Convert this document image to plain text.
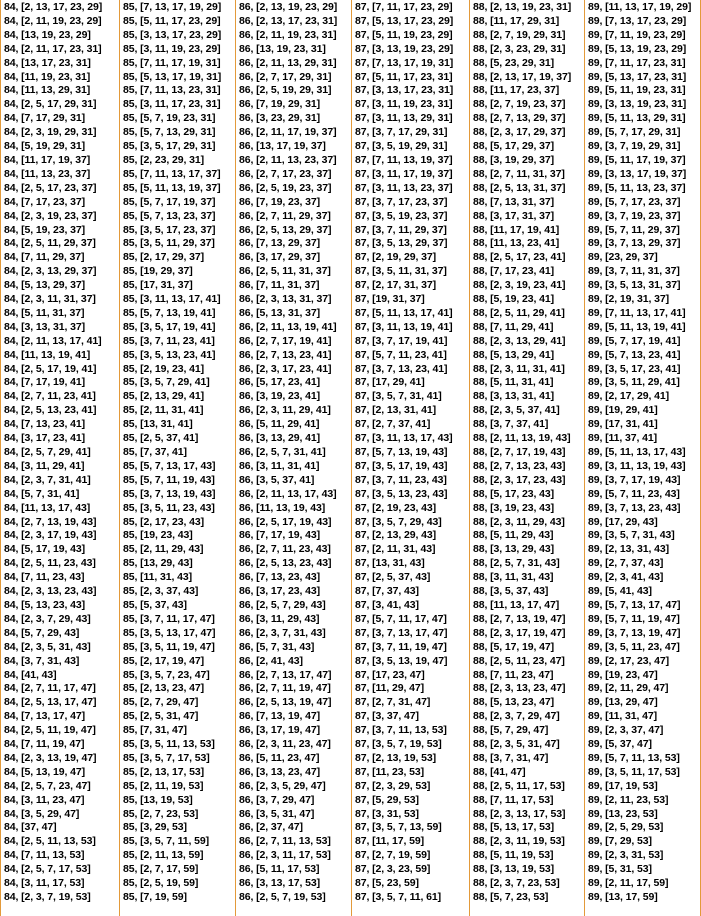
84, [2, 13, 17, 23, 29]
84, [2, 11, 19, 23, 29]
84, [13, 19, 23, 29]
84, [2, 11, 17, 23, 31]
84, [13, 17, 23, 31]
84, [11, 19, 23, 31]
84, [11, 13, 29, 31]
84, [2, 5, 17, 29, 31]
84, [7, 17, 29, 31]
84, [2, 3, 19, 29, 31]
84, [5, 19, 29, 31]
84, [11, 17, 19, 37]
84, [11, 13, 23, 37]
84, [2, 5, 17, 23, 37]
84, [7, 17, 23, 37]
84, [2, 3, 19, 23, 37]
84, [5, 19, 23, 37]
84, [2, 5, 11, 29, 37]
84, [7, 11, 29, 37]
84, [2, 3, 13, 29, 37]
84, [5, 13, 29, 37]
84, [2, 3, 11, 31, 37]
84, [5, 11, 31, 37]
84, [3, 13, 31, 37]
84, [2, 11, 13, 17, 41]
84, [11, 13, 19, 41]
84, [2, 5, 17, 19, 41]
84, [7, 17, 19, 41]
84, [2, 7, 11, 23, 41]
84, [2, 5, 13, 23, 41]
84, [7, 13, 23, 41]
84, [3, 17, 23, 41]
84, [2, 5, 7, 29, 41]
84, [3, 11, 29, 41]
84, [2, 3, 7, 31, 41]
84, [5, 7, 31, 41]
84, [11, 13, 17, 43]
84, [2, 7, 13, 19, 43]
84, [2, 3, 17, 19, 43]
84, [5, 17, 19, 43]
84, [2, 5, 11, 23, 43]
84, [7, 11, 23, 43]
84, [2, 3, 13, 23, 43]
84, [5, 13, 23, 43]
84, [2, 3, 7, 29, 43]
84, [5, 7, 29, 43]
84, [2, 3, 5, 31, 43]
84, [3, 7, 31, 43]
84, [41, 43]
84, [2, 7, 11, 17, 47]
84, [2, 5, 13, 17, 47]
84, [7, 13, 17, 47]
84, [2, 5, 11, 19, 47]
84, [7, 11, 19, 47]
84, [2, 3, 13, 19, 47]
84, [5, 13, 19, 47]
84, [2, 5, 7, 23, 47]
84, [3, 11, 23, 47]
84, [3, 5, 29, 47]
84, [37, 47]
84, [2, 5, 11, 13, 53]
84, [7, 11, 13, 53]
84, [2, 5, 7, 17, 53]
84, [3, 11, 17, 53]
84, [2, 3, 7, 19, 53]
85, [7, 13, 17, 19, 29]
85, [5, 11, 17, 23, 29]
85, [3, 13, 17, 23, 29]
85, [3, 11, 19, 23, 29]
85, [7, 11, 17, 19, 31]
85, [5, 13, 17, 19, 31]
85, [7, 11, 13, 23, 31]
85, [3, 11, 17, 23, 31]
85, [5, 7, 19, 23, 31]
85, [5, 7, 13, 29, 31]
85, [3, 5, 17, 29, 31]
85, [2, 23, 29, 31]
85, [7, 11, 13, 17, 37]
85, [5, 11, 13, 19, 37]
85, [5, 7, 17, 19, 37]
85, [5, 7, 13, 23, 37]
85, [3, 5, 17, 23, 37]
85, [3, 5, 11, 29, 37]
85, [2, 17, 29, 37]
85, [19, 29, 37]
85, [17, 31, 37]
85, [3, 11, 13, 17, 41]
85, [5, 7, 13, 19, 41]
85, [3, 5, 17, 19, 41]
85, [3, 7, 11, 23, 41]
85, [3, 5, 13, 23, 41]
85, [2, 19, 23, 41]
85, [3, 5, 7, 29, 41]
85, [2, 13, 29, 41]
85, [2, 11, 31, 41]
85, [13, 31, 41]
85, [2, 5, 37, 41]
85, [7, 37, 41]
85, [5, 7, 13, 17, 43]
85, [5, 7, 11, 19, 43]
85, [3, 7, 13, 19, 43]
85, [3, 5, 11, 23, 43]
85, [2, 17, 23, 43]
85, [19, 23, 43]
85, [2, 11, 29, 43]
85, [13, 29, 43]
85, [11, 31, 43]
85, [2, 3, 37, 43]
85, [5, 37, 43]
85, [3, 7, 11, 17, 47]
85, [3, 5, 13, 17, 47]
85, [3, 5, 11, 19, 47]
85, [2, 17, 19, 47]
85, [3, 5, 7, 23, 47]
85, [2, 13, 23, 47]
85, [2, 7, 29, 47]
85, [2, 5, 31, 47]
85, [7, 31, 47]
85, [3, 5, 11, 13, 53]
85, [3, 5, 7, 17, 53]
85, [2, 13, 17, 53]
85, [2, 11, 19, 53]
85, [13, 19, 53]
85, [2, 7, 23, 53]
85, [3, 29, 53]
85, [3, 5, 7, 11, 59]
85, [2, 11, 13, 59]
85, [2, 7, 17, 59]
85, [2, 5, 19, 59]
85, [7, 19, 59]
86, [2, 13, 19, 23, 29]
86, [2, 13, 17, 23, 31]
86, [2, 11, 19, 23, 31]
86, [13, 19, 23, 31]
86, [2, 11, 13, 29, 31]
86, [2, 7, 17, 29, 31]
86, [2, 5, 19, 29, 31]
86, [7, 19, 29, 31]
86, [3, 23, 29, 31]
86, [2, 11, 17, 19, 37]
86, [13, 17, 19, 37]
86, [2, 11, 13, 23, 37]
86, [2, 7, 17, 23, 37]
86, [2, 5, 19, 23, 37]
86, [7, 19, 23, 37]
86, [2, 7, 11, 29, 37]
86, [2, 5, 13, 29, 37]
86, [7, 13, 29, 37]
86, [3, 17, 29, 37]
86, [2, 5, 11, 31, 37]
86, [7, 11, 31, 37]
86, [2, 3, 13, 31, 37]
86, [5, 13, 31, 37]
86, [2, 11, 13, 19, 41]
86, [2, 7, 17, 19, 41]
86, [2, 7, 13, 23, 41]
86, [2, 3, 17, 23, 41]
86, [5, 17, 23, 41]
86, [3, 19, 23, 41]
86, [2, 3, 11, 29, 41]
86, [5, 11, 29, 41]
86, [3, 13, 29, 41]
86, [2, 5, 7, 31, 41]
86, [3, 11, 31, 41]
86, [3, 5, 37, 41]
86, [2, 11, 13, 17, 43]
86, [11, 13, 19, 43]
86, [2, 5, 17, 19, 43]
86, [7, 17, 19, 43]
86, [2, 7, 11, 23, 43]
86, [2, 5, 13, 23, 43]
86, [7, 13, 23, 43]
86, [3, 17, 23, 43]
86, [2, 5, 7, 29, 43]
86, [3, 11, 29, 43]
86, [2, 3, 7, 31, 43]
86, [5, 7, 31, 43]
86, [2, 41, 43]
86, [2, 7, 13, 17, 47]
86, [2, 7, 11, 19, 47]
86, [2, 5, 13, 19, 47]
86, [7, 13, 19, 47]
86, [3, 17, 19, 47]
86, [2, 3, 11, 23, 47]
86, [5, 11, 23, 47]
86, [3, 13, 23, 47]
86, [2, 3, 5, 29, 47]
86, [3, 7, 29, 47]
86, [3, 5, 31, 47]
86, [2, 37, 47]
86, [2, 7, 11, 13, 53]
86, [2, 3, 11, 17, 53]
86, [5, 11, 17, 53]
86, [3, 13, 17, 53]
86, [2, 5, 7, 19, 53]
87, [7, 11, 17, 23, 29]
87, [5, 13, 17, 23, 29]
87, [5, 11, 19, 23, 29]
87, [3, 13, 19, 23, 29]
87, [7, 13, 17, 19, 31]
87, [5, 11, 17, 23, 31]
87, [3, 13, 17, 23, 31]
87, [3, 11, 19, 23, 31]
87, [3, 11, 13, 29, 31]
87, [3, 7, 17, 29, 31]
87, [3, 5, 19, 29, 31]
87, [7, 11, 13, 19, 37]
87, [3, 11, 17, 19, 37]
87, [3, 11, 13, 23, 37]
87, [3, 7, 17, 23, 37]
87, [3, 5, 19, 23, 37]
87, [3, 7, 11, 29, 37]
87, [3, 5, 13, 29, 37]
87, [2, 19, 29, 37]
87, [3, 5, 11, 31, 37]
87, [2, 17, 31, 37]
87, [19, 31, 37]
87, [5, 11, 13, 17, 41]
87, [3, 11, 13, 19, 41]
87, [3, 7, 17, 19, 41]
87, [5, 7, 11, 23, 41]
87, [3, 7, 13, 23, 41]
87, [17, 29, 41]
87, [3, 5, 7, 31, 41]
87, [2, 13, 31, 41]
87, [2, 7, 37, 41]
87, [3, 11, 13, 17, 43]
87, [5, 7, 13, 19, 43]
87, [3, 5, 17, 19, 43]
87, [3, 7, 11, 23, 43]
87, [3, 5, 13, 23, 43]
87, [2, 19, 23, 43]
87, [3, 5, 7, 29, 43]
87, [2, 13, 29, 43]
87, [2, 11, 31, 43]
87, [13, 31, 43]
87, [2, 5, 37, 43]
87, [7, 37, 43]
87, [3, 41, 43]
87, [5, 7, 11, 17, 47]
87, [3, 7, 13, 17, 47]
87, [3, 7, 11, 19, 47]
87, [3, 5, 13, 19, 47]
87, [17, 23, 47]
87, [11, 29, 47]
87, [2, 7, 31, 47]
87, [3, 37, 47]
87, [3, 7, 11, 13, 53]
87, [3, 5, 7, 19, 53]
87, [2, 13, 19, 53]
87, [11, 23, 53]
87, [2, 3, 29, 53]
87, [5, 29, 53]
87, [3, 31, 53]
87, [3, 5, 7, 13, 59]
87, [11, 17, 59]
87, [2, 7, 19, 59]
87, [2, 3, 23, 59]
87, [5, 23, 59]
87, [3, 5, 7, 11, 61]
88, [2, 13, 19, 23, 31]
88, [11, 17, 29, 31]
88, [2, 7, 19, 29, 31]
88, [2, 3, 23, 29, 31]
88, [5, 23, 29, 31]
88, [2, 13, 17, 19, 37]
88, [11, 17, 23, 37]
88, [2, 7, 19, 23, 37]
88, [2, 7, 13, 29, 37]
88, [2, 3, 17, 29, 37]
88, [5, 17, 29, 37]
88, [3, 19, 29, 37]
88, [2, 7, 11, 31, 37]
88, [2, 5, 13, 31, 37]
88, [7, 13, 31, 37]
88, [3, 17, 31, 37]
88, [11, 17, 19, 41]
88, [11, 13, 23, 41]
88, [2, 5, 17, 23, 41]
88, [7, 17, 23, 41]
88, [2, 3, 19, 23, 41]
88, [5, 19, 23, 41]
88, [2, 5, 11, 29, 41]
88, [7, 11, 29, 41]
88, [2, 3, 13, 29, 41]
88, [5, 13, 29, 41]
88, [2, 3, 11, 31, 41]
88, [5, 11, 31, 41]
88, [3, 13, 31, 41]
88, [2, 3, 5, 37, 41]
88, [3, 7, 37, 41]
88, [2, 11, 13, 19, 43]
88, [2, 7, 17, 19, 43]
88, [2, 7, 13, 23, 43]
88, [2, 3, 17, 23, 43]
88, [5, 17, 23, 43]
88, [3, 19, 23, 43]
88, [2, 3, 11, 29, 43]
88, [5, 11, 29, 43]
88, [3, 13, 29, 43]
88, [2, 5, 7, 31, 43]
88, [3, 11, 31, 43]
88, [3, 5, 37, 43]
88, [11, 13, 17, 47]
88, [2, 7, 13, 19, 47]
88, [2, 3, 17, 19, 47]
88, [5, 17, 19, 47]
88, [2, 5, 11, 23, 47]
88, [7, 11, 23, 47]
88, [2, 3, 13, 23, 47]
88, [5, 13, 23, 47]
88, [2, 3, 7, 29, 47]
88, [5, 7, 29, 47]
88, [2, 3, 5, 31, 47]
88, [3, 7, 31, 47]
88, [41, 47]
88, [2, 5, 11, 17, 53]
88, [7, 11, 17, 53]
88, [2, 3, 13, 17, 53]
88, [5, 13, 17, 53]
88, [2, 3, 11, 19, 53]
88, [5, 11, 19, 53]
88, [3, 13, 19, 53]
88, [2, 3, 7, 23, 53]
88, [5, 7, 23, 53]
89, [11, 13, 17, 19, 29]
89, [7, 13, 17, 23, 29]
89, [7, 11, 19, 23, 29]
89, [5, 13, 19, 23, 29]
89, [7, 11, 17, 23, 31]
89, [5, 13, 17, 23, 31]
89, [5, 11, 19, 23, 31]
89, [3, 13, 19, 23, 31]
89, [5, 11, 13, 29, 31]
89, [5, 7, 17, 29, 31]
89, [3, 7, 19, 29, 31]
89, [5, 11, 17, 19, 37]
89, [3, 13, 17, 19, 37]
89, [5, 11, 13, 23, 37]
89, [5, 7, 17, 23, 37]
89, [3, 7, 19, 23, 37]
89, [5, 7, 11, 29, 37]
89, [3, 7, 13, 29, 37]
89, [23, 29, 37]
89, [3, 7, 11, 31, 37]
89, [3, 5, 13, 31, 37]
89, [2, 19, 31, 37]
89, [7, 11, 13, 17, 41]
89, [5, 11, 13, 19, 41]
89, [5, 7, 17, 19, 41]
89, [5, 7, 13, 23, 41]
89, [3, 5, 17, 23, 41]
89, [3, 5, 11, 29, 41]
89, [2, 17, 29, 41]
89, [19, 29, 41]
89, [17, 31, 41]
89, [11, 37, 41]
89, [5, 11, 13, 17, 43]
89, [3, 11, 13, 19, 43]
89, [3, 7, 17, 19, 43]
89, [5, 7, 11, 23, 43]
89, [3, 7, 13, 23, 43]
89, [17, 29, 43]
89, [3, 5, 7, 31, 43]
89, [2, 13, 31, 43]
89, [2, 7, 37, 43]
89, [2, 3, 41, 43]
89, [5, 41, 43]
89, [5, 7, 13, 17, 47]
89, [5, 7, 11, 19, 47]
89, [3, 7, 13, 19, 47]
89, [3, 5, 11, 23, 47]
89, [2, 17, 23, 47]
89, [19, 23, 47]
89, [2, 11, 29, 47]
89, [13, 29, 47]
89, [11, 31, 47]
89, [2, 3, 37, 47]
89, [5, 37, 47]
89, [5, 7, 11, 13, 53]
89, [3, 5, 11, 17, 53]
89, [17, 19, 53]
89, [2, 11, 23, 53]
89, [13, 23, 53]
89, [2, 5, 29, 53]
89, [7, 29, 53]
89, [2, 3, 31, 53]
89, [5, 31, 53]
89, [2, 11, 17, 59]
89, [13, 17, 59]
